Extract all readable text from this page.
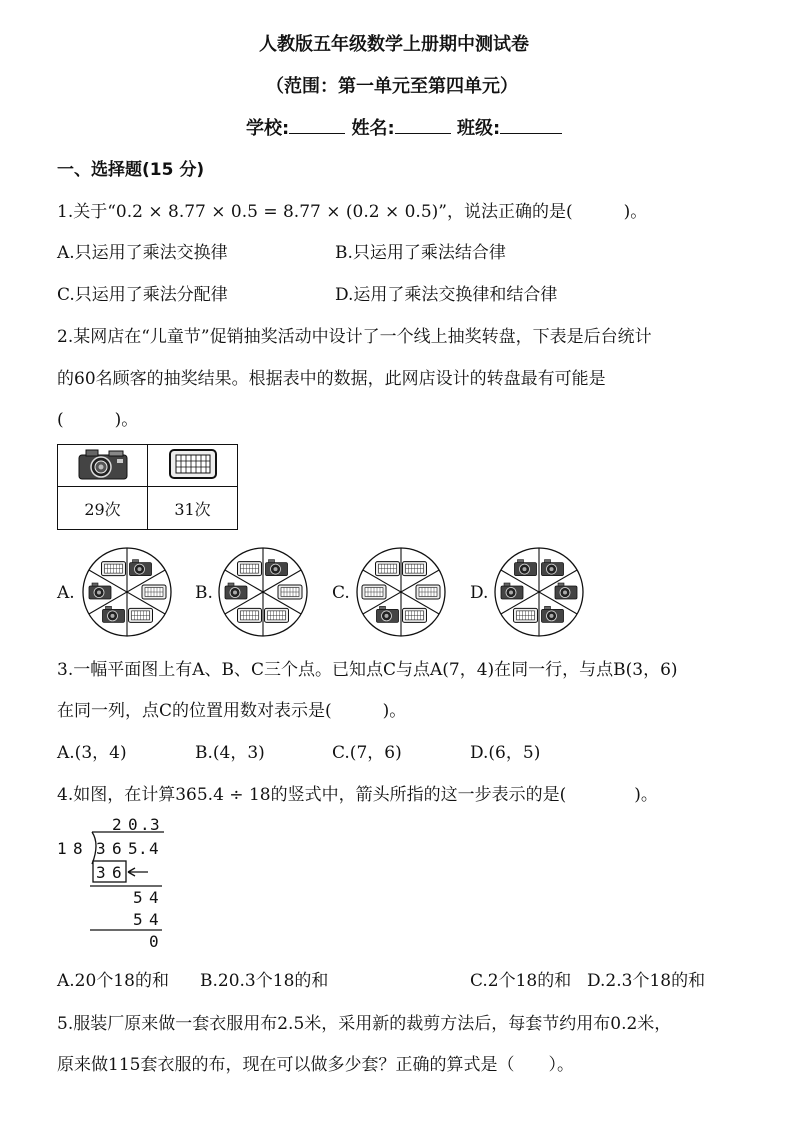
人教版五年级数学上册期中测试卷
（范围：第一单元至第四单元）
学校:	姓名:	班级:
一、选择题(15 分)
1.关于“0.2 × 8.77 × 0.5 = 8.77 × (0.2 × 0.5)”，说法正确的是(　　　)。
A.只运用了乘法交换律	B.只运用了乘法结合律
C.只运用了乘法分配律	D.运用了乘法交换律和结合律
2.某网店在“儿童节”促销抽奖活动中设计了一个线上抽奖转盘，下表是后台统计
的60名顾客的抽奖结果。根据表中的数据，此网店设计的转盘最有可能是
(　　　)。

29次	31次
A.	B.	C.	D.
3.一幅平面图上有A、B、C三个点。已知点C与点A(7，4)在同一行，与点B(3，6)
在同一列，点C的位置用数对表示是(　　　)。
A.(3，4)	B.(4，3)	C.(7，6)	D.(6，5)
4.如图，在计算365.4 ÷ 18的竖式中，箭头所指的这一步表示的是(　　　　)。
2 0 . 3
1 8 3 6 5 . 4
3 6
5 4
5 4
0
A.20个18的和 B.20.3个18的和	C.2个18的和 D.2.3个18的和
5.服装厂原来做一套衣服用布2.5米，采用新的裁剪方法后，每套节约用布0.2米，
原来做115套衣服的布，现在可以做多少套？正确的算式是（　　）。
